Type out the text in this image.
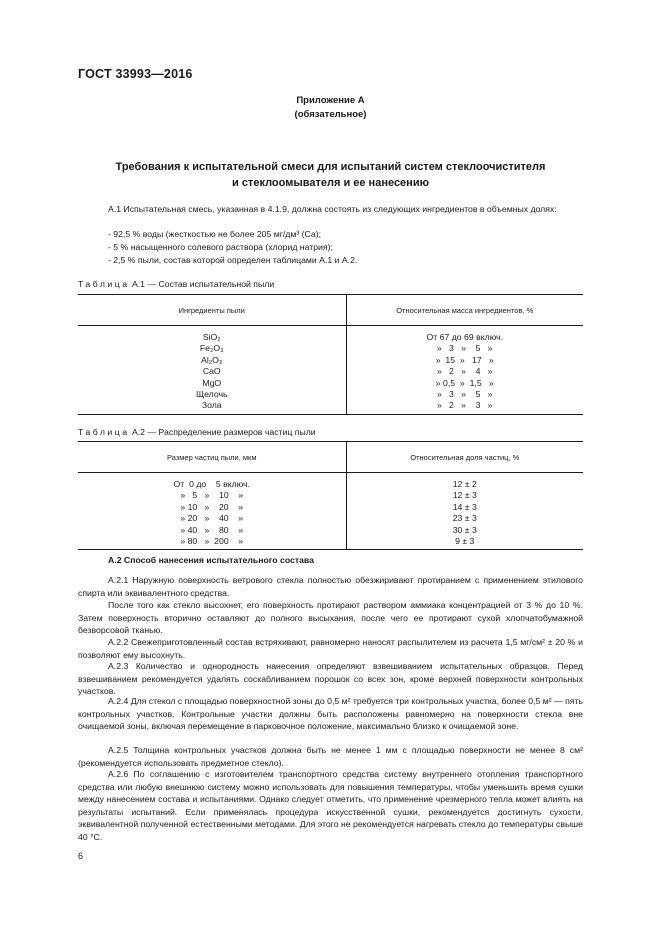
ГОСТ 33993—2016
Приложение А
(обязательное)
Требования к испытательной смеси для испытаний систем стеклоочистителя
и стеклоомывателя и ее нанесению
А.1 Испытательная смесь, указанная в 4.1.9, должна состоять из следующих ингредиентов в объемных долях:
- 92,5 % воды (жесткостью не более 205 мг/дм³ (Са);
- 5 % насыщенного солевого раствора (хлорид натрия);
- 2,5 % пыли, состав которой определен таблицами А.1 и А.2.
Таблица А.1 — Состав испытательной пыли
Ингредиенты пыли	Относительная масса ингредиентов, %
SiO₂	От 67 до 69 включ.
Fe₂O₃	»   3   »    5   »
Al₂O₃	»  15  »   17   »
CaO	»   2   »    4   »
MgO	» 0,5  »  1,5   »
Щелочь	»   3   »    5   »
Зола	»   2   »    3   »
Таблица А.2 — Распределение размеров частиц пыли
Размер частиц пыли, мкм	Относительная доля частиц, %
От  0 до    5 включ.	12 ± 2
»   5   »    10    »	12 ± 3
» 10   »    20    »	14 ± 3
» 20   »    40    »	23 ± 3
» 40   »    80    »	30 ± 3
» 80   »  200    »	9 ± 3
А.2 Способ нанесения испытательного состава
А.2.1 Наружную поверхность ветрового стекла полностью обезжиривают протиранием с применением этилового спирта или эквивалентного средства.
После того как стекло высохнет, его поверхность протирают раствором аммиака концентрацией от 3 % до 10 %. Затем поверхность вторично оставляют до полного высыхания, после чего ее протирают сухой хлопчатобумажной безворсовой тканью.
А.2.2 Свежеприготовленный состав встряхивают, равномерно наносят распылителем из расчета 1,5 мг/см² ± 20 % и позволяют ему высохнуть.
А.2.3 Количество и однородность нанесения определяют взвешиванием испытательных образцов. Перед взвешиванием рекомендуется удалять соскабливанием порошок со всех зон, кроме верхней поверхности контрольных участков.
А.2.4 Для стекол с площадью поверхностной зоны до 0,5 м² требуется три контрольных участка, более 0,5 м² — пять контрольных участков. Контрольные участки должны быть расположены равномерно на поверхности стекла вне очищаемой зоны, включая перемещение в парковочное положение, максимально близко к очищаемой зоне.
А.2.5 Толщина контрольных участков должна быть не менее 1 мм с площадью поверхности не менее 8 см² (рекомендуется использовать предметное стекло).
А.2.6 По соглашению с изготовителем транспортного средства систему внутреннего отопления транспортного средства или любую внешнюю систему можно использовать для повышения температуры, чтобы уменьшить время сушки между нанесением состава и испытаниями. Однако следует отметить, что применение чрезмерного тепла может влиять на результаты испытаний. Если применялась процедура искусственной сушки, рекомендуется достигнуть сухости, эквивалентной полученной естественными методами. Для этого не рекомендуется нагревать стекло до температуры свыше 40 °С.
6
